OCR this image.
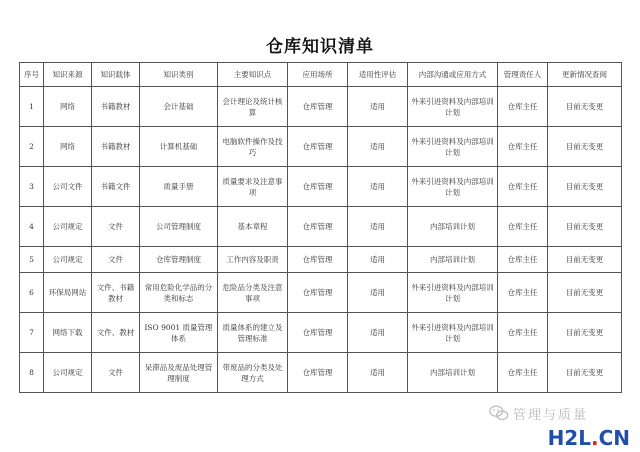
仓库知识清单
序号	知识来源	知识载体	知识类别	主要知识点	应用场所	适用性评估	内部沟通或应用方式	管理责任人	更新情况查阅
1	网络	书籍教材	会计基础	会计理论及统计核算	仓库管理	适用	外来引进资料及内部培训计划	仓库主任	目前无变更
2	网络	书籍教材	计算机基础	电脑软件操作及技巧	仓库管理	适用	外来引进资料及内部培训计划	仓库主任	目前无变更
3	公司文件	书籍文件	质量手册	质量要求及注意事项	仓库管理	适用	外来引进资料及内部培训计划	仓库主任	目前无变更
4	公司规定	文件	公司管理制度	基本章程	仓库管理	适用	内部培训计划	仓库主任	目前无变更
5	公司规定	文件	仓库管理制度	工作内容及职责	仓库管理	适用	内部培训计划	仓库主任	目前无变更
6	环保局网站	文件、书籍教材	常用危险化学品的分类和标志	危险品分类及注意事项	仓库管理	适用	外来引进资料及内部培训计划	仓库主任	目前无变更
7	网络下载	文件、教材	ISO 9001 质量管理体系	质量体系的建立及管理标准	仓库管理	适用	外来引进资料及内部培训计划	仓库主任	目前无变更
8	公司规定	文件	呆滞品及废品处理管理制度	带废品的分类及处理方式	仓库管理	适用	内部培训计划	仓库主任	目前无变更
管理与质量
H2L.CN
